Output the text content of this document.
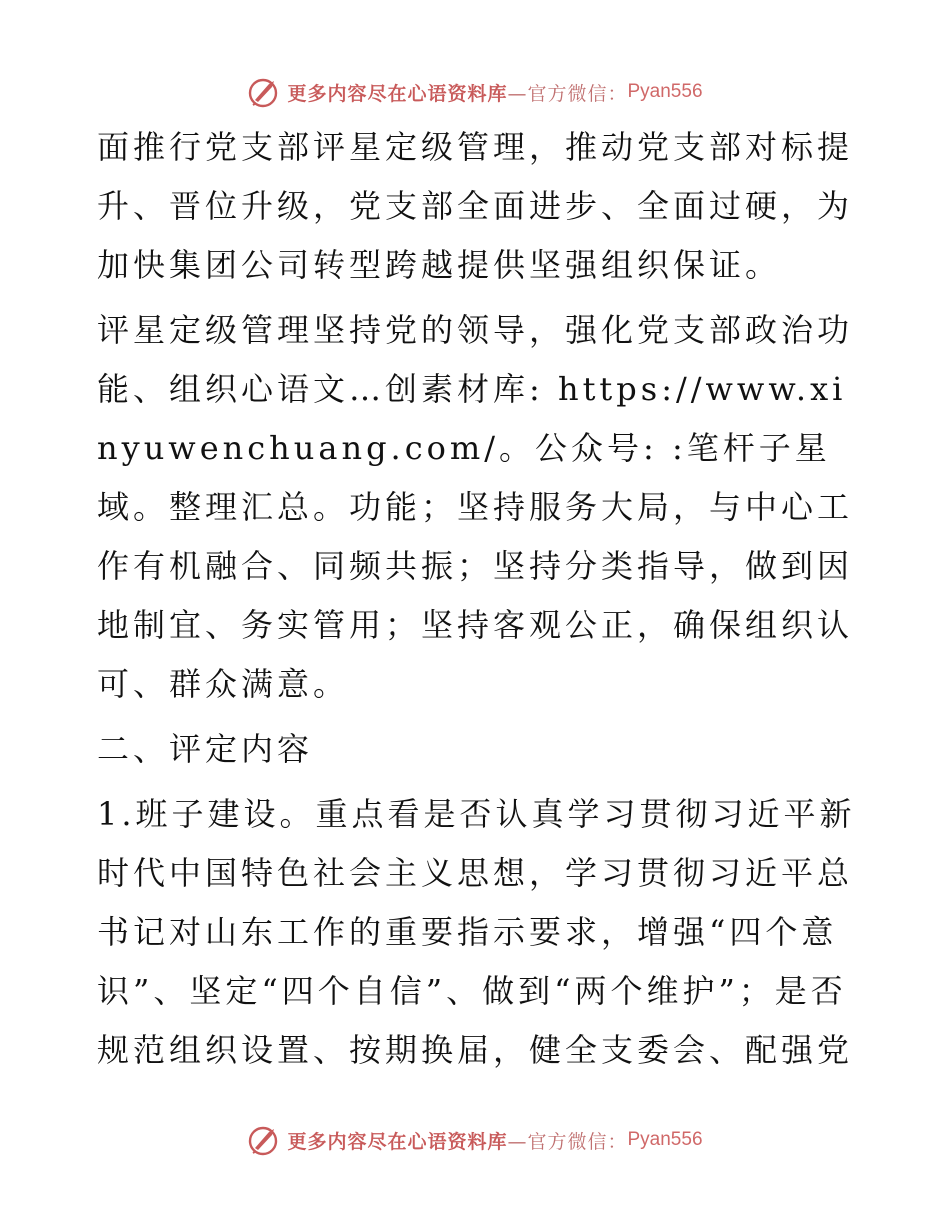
更多内容尽在心语资料库 —官方微信： Pyan556

面推行党支部评星定级管理，推动党支部对标提升、晋位升级，党支部全面进步、全面过硬，为加快集团公司转型跨越提供坚强组织保证。

评星定级管理坚持党的领导，强化党支部政治功能、组织心语文…创素材库: https://www.xinyuwenchuang.com/。公众号: :笔杆子星域。整理汇总。功能；坚持服务大局，与中心工作有机融合、同频共振；坚持分类指导，做到因地制宜、务实管用；坚持客观公正，确保组织认可、群众满意。

二、评定内容

1.班子建设。重点看是否认真学习贯彻习近平新时代中国特色社会主义思想，学习贯彻习近平总书记对山东工作的重要指示要求，增强“四个意识”、坚定“四个自信”、做到“两个维护”；是否规范组织设置、按期换届，健全支委会、配强党

更多内容尽在心语资料库 —官方微信： Pyan556
